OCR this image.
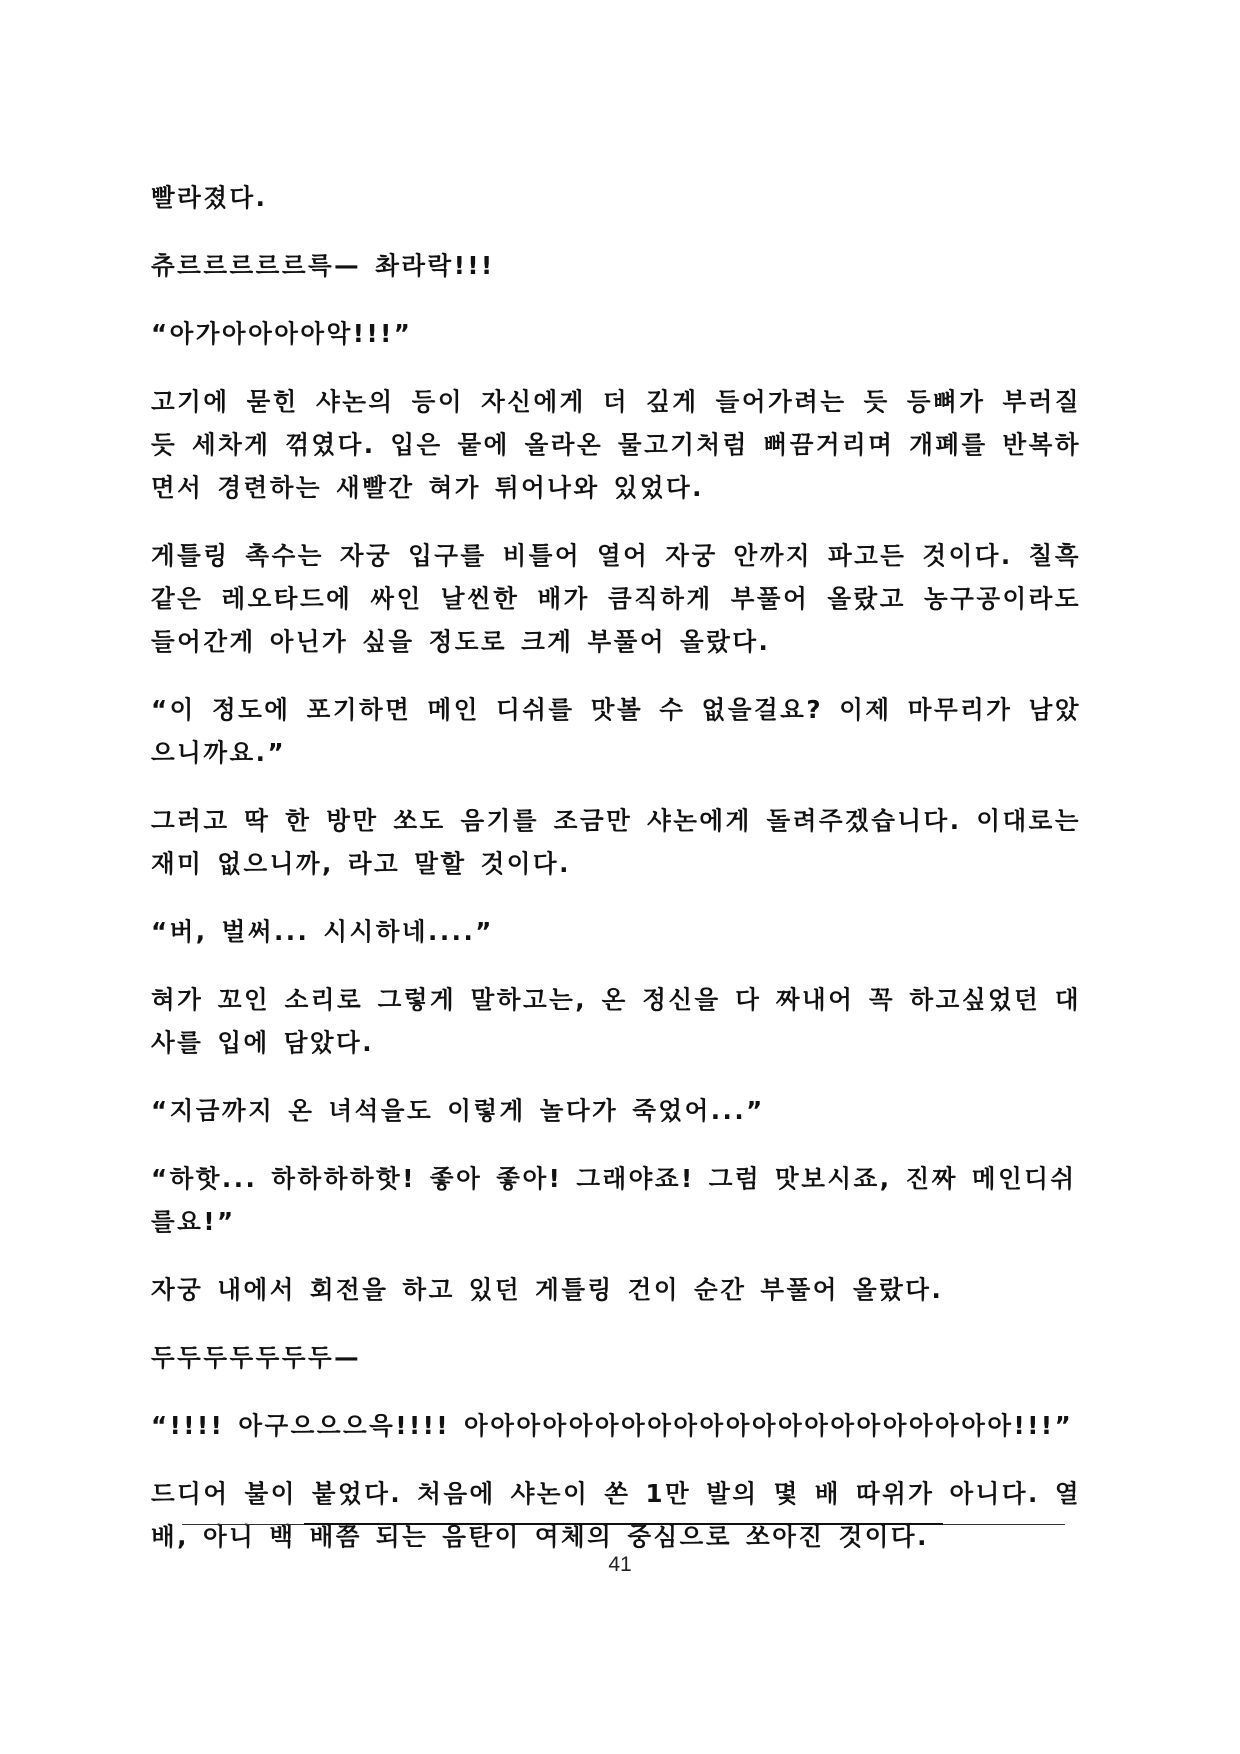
빨라졌다.

츄르르르르르륵— 촤라락!!!

“아가아아아아악!!!”

고기에 묻힌 샤논의 등이 자신에게 더 깊게 들어가려는 듯 등뼈가 부러질 듯 세차게 꺾였다. 입은 뭍에 올라온 물고기처럼 뻐끔거리며 개폐를 반복하면서 경련하는 새빨간 혀가 튀어나와 있었다.

게틀링 촉수는 자궁 입구를 비틀어 열어 자궁 안까지 파고든 것이다. 칠흑 같은 레오타드에 싸인 날씬한 배가 큼직하게 부풀어 올랐고 농구공이라도 들어간게 아닌가 싶을 정도로 크게 부풀어 올랐다.

“이 정도에 포기하면 메인 디쉬를 맛볼 수 없을걸요? 이제 마무리가 남았으니까요.”

그러고 딱 한 방만 쏘도 음기를 조금만 샤논에게 돌려주겠습니다. 이대로는 재미 없으니까, 라고 말할 것이다.

“버, 벌써... 시시하네....”

혀가 꼬인 소리로 그렇게 말하고는, 온 정신을 다 짜내어 꼭 하고싶었던 대사를 입에 담았다.

“지금까지 온 녀석을도 이렇게 놀다가 죽었어...”

“하핫... 하하하하핫! 좋아 좋아! 그래야죠! 그럼 맛보시죠, 진짜 메인디쉬를요!”

자궁 내에서 회전을 하고 있던 게틀링 건이 순간 부풀어 올랐다.

두두두두두두두—

“!!!! 아구으으으윽!!!! 아아아아아아아아아아아아아아아아아아아아아!!!”

드디어 불이 붙었다. 처음에 샤논이 쏜 1만 발의 몇 배 따위가 아니다. 열 배, 아니 백 배쯤 되는 음탄이 여체의 중심으로 쏘아진 것이다.

41
